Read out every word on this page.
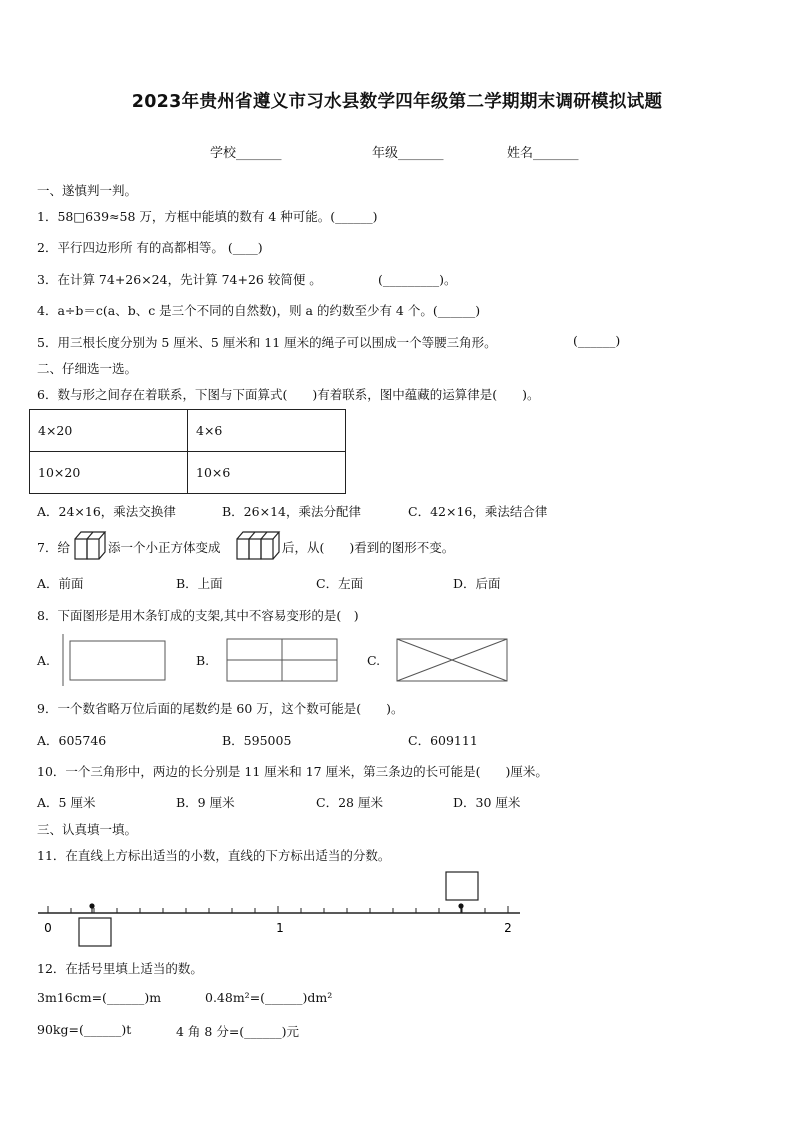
2023年贵州省遵义市习水县数学四年级第二学期期末调研模拟试题
学校_______	年级_______	姓名_______
一、遂慎判一判。
1．58□639≈58 万，方框中能填的数有 4 种可能。(______)
2．平行四边形所 有的高都相等。 (____)
3．在计算 74+26×24，先计算 74+26 较简便 。	(_________)。
4．a÷b＝c(a、b、c 是三个不同的自然数)，则 a 的约数至少有 4 个。(______)
5．用三根长度分别为 5 厘米、5 厘米和 11 厘米的绳子可以围成一个等腰三角形。	(______)
二、仔细选一选。
6．数与形之间存在着联系，下图与下面算式(　　)有着联系，图中蕴藏的运算律是(　　)。
4×20	4×6
10×20	10×6
A．24×16，乘法交换律	B．26×14，乘法分配律	C．42×16，乘法结合律
7．给	添一个小正方体变成	后，从(　　)看到的图形不变。
A．前面	B．上面	C．左面	D．后面
8．下面图形是用木条钉成的支架,其中不容易变形的是(　)
A.	B.	C.
9．一个数省略万位后面的尾数约是 60 万，这个数可能是(　　)。
A．605746	B．595005	C．609111
10．一个三角形中，两边的长分别是 11 厘米和 17 厘米，第三条边的长可能是(　　)厘米。
A．5 厘米	B．9 厘米	C．28 厘米	D．30 厘米
三、认真填一填。
11．在直线上方标出适当的小数，直线的下方标出适当的分数。
0	1	2
12．在括号里填上适当的数。
3m16cm=(______)m	0.48m²=(______)dm²
90kg=(______)t	4 角 8 分=(______)元
